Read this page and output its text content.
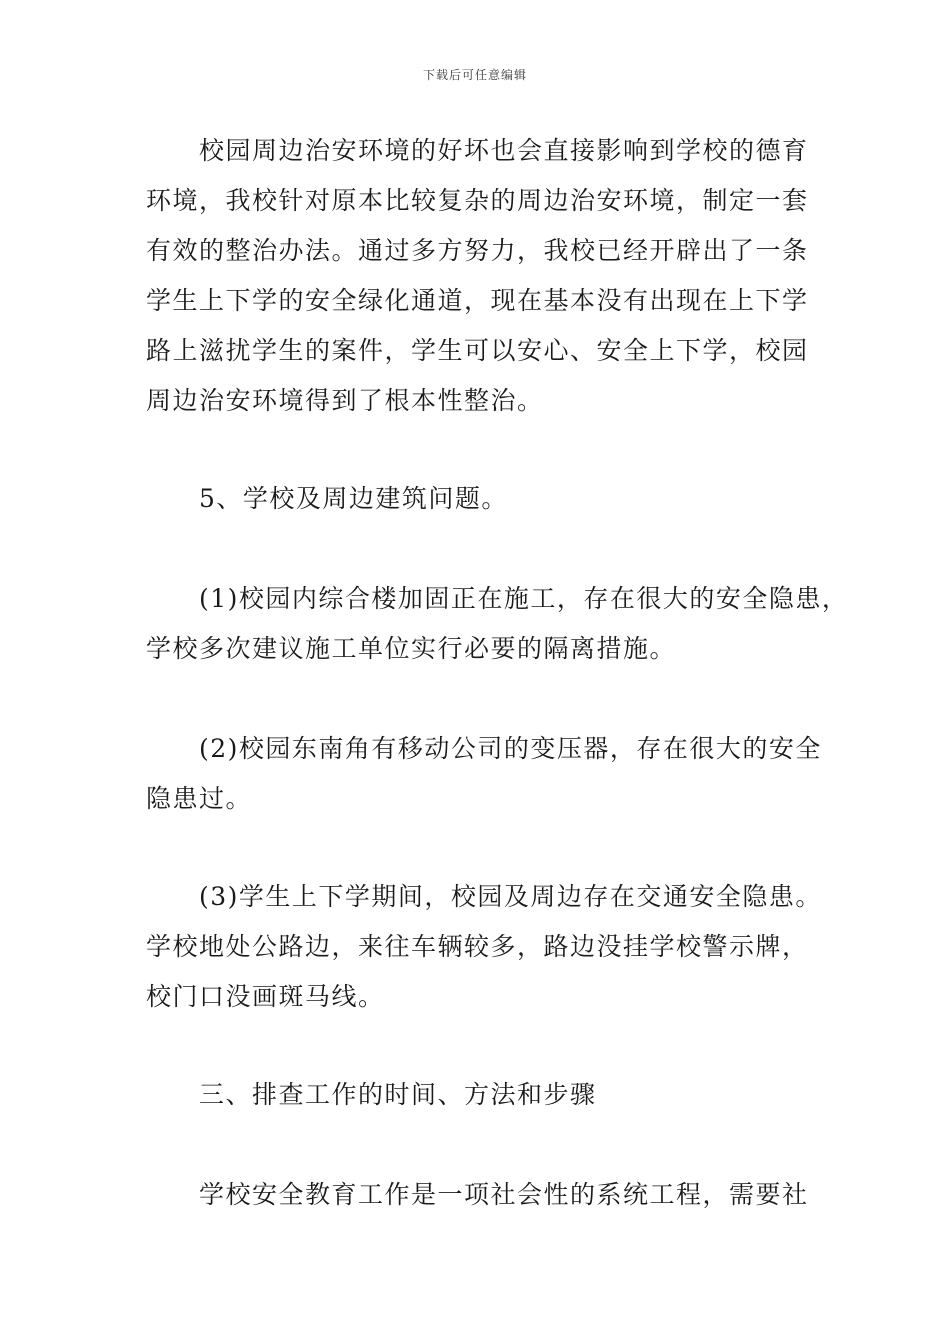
下载后可任意编辑
　　校园周边治安环境的好坏也会直接影响到学校的德育
环境，我校针对原本比较复杂的周边治安环境，制定一套
有效的整治办法。通过多方努力，我校已经开辟出了一条
学生上下学的安全绿化通道，现在基本没有出现在上下学
路上滋扰学生的案件，学生可以安心、安全上下学，校园
周边治安环境得到了根本性整治。
　　5、学校及周边建筑问题。
　　(1)校园内综合楼加固正在施工，存在很大的安全隐患，
学校多次建议施工单位实行必要的隔离措施。
　　(2)校园东南角有移动公司的变压器，存在很大的安全
隐患过。
　　(3)学生上下学期间，校园及周边存在交通安全隐患。
学校地处公路边，来往车辆较多，路边没挂学校警示牌，
校门口没画斑马线。
　　三、排查工作的时间、方法和步骤
　　学校安全教育工作是一项社会性的系统工程，需要社
